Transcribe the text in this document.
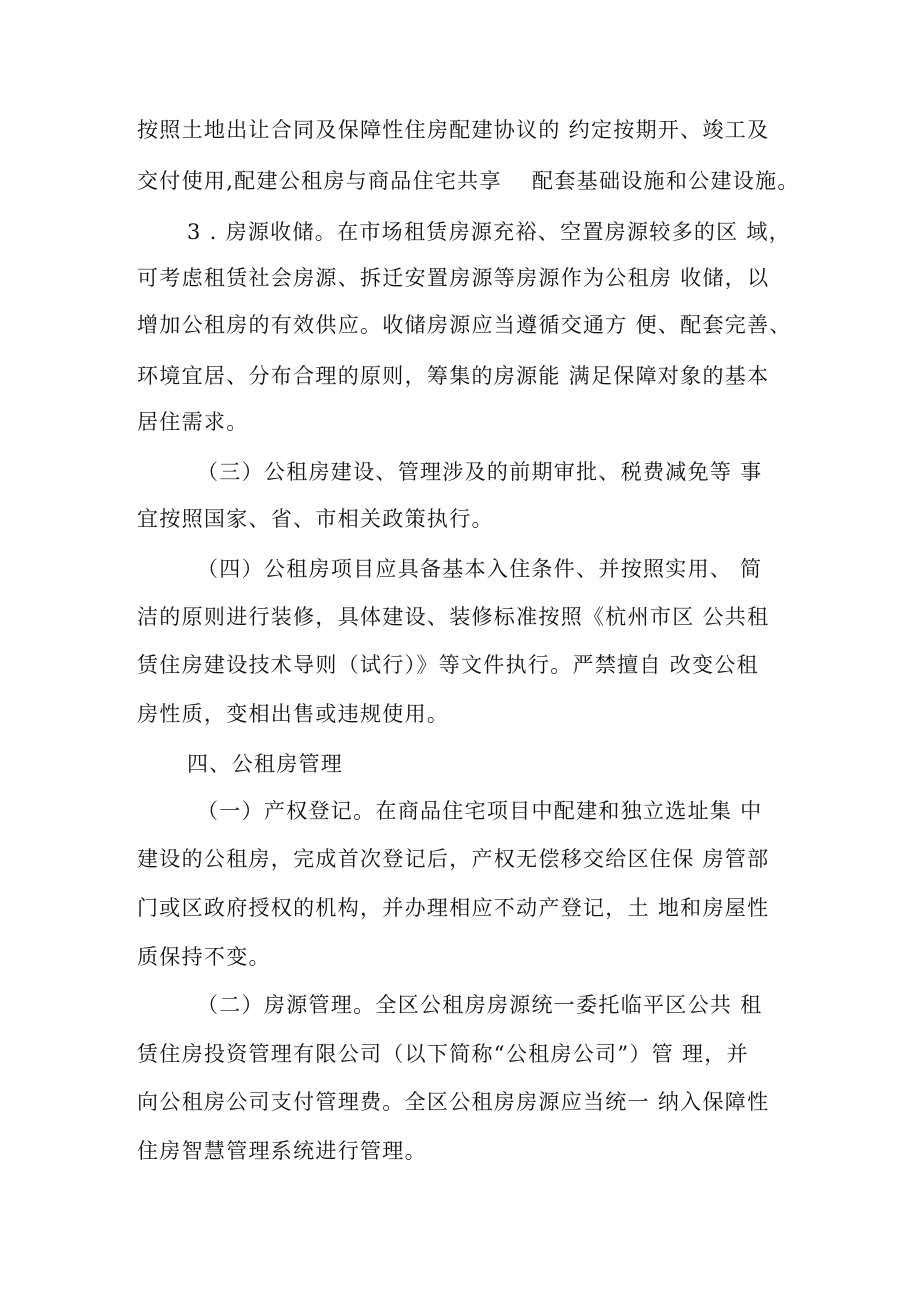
按照土地出让合同及保障性住房配建协议的 约定按期开、竣工及
交付使用,配建公租房与商品住宅共享 　配套基础设施和公建设施。
3 . 房源收储。在市场租赁房源充裕、空置房源较多的区 域，
可考虑租赁社会房源、拆迁安置房源等房源作为公租房 收储，以
增加公租房的有效供应。收储房源应当遵循交通方 便、配套完善、
环境宜居、分布合理的原则，筹集的房源能 满足保障对象的基本
居住需求。
（三）公租房建设、管理涉及的前期审批、税费减免等 事
宜按照国家、省、市相关政策执行。
（四）公租房项目应具备基本入住条件、并按照实用、 简
洁的原则进行装修，具体建设、装修标准按照《杭州市区 公共租
赁住房建设技术导则（试行）》等文件执行。严禁擅自 改变公租
房性质，变相出售或违规使用。
四、公租房管理
（一）产权登记。在商品住宅项目中配建和独立选址集 中
建设的公租房，完成首次登记后，产权无偿移交给区住保 房管部
门或区政府授权的机构，并办理相应不动产登记，土 地和房屋性
质保持不变。
（二）房源管理。全区公租房房源统一委托临平区公共 租
赁住房投资管理有限公司（以下简称“公租房公司”）管 理，并
向公租房公司支付管理费。全区公租房房源应当统一 纳入保障性
住房智慧管理系统进行管理。
